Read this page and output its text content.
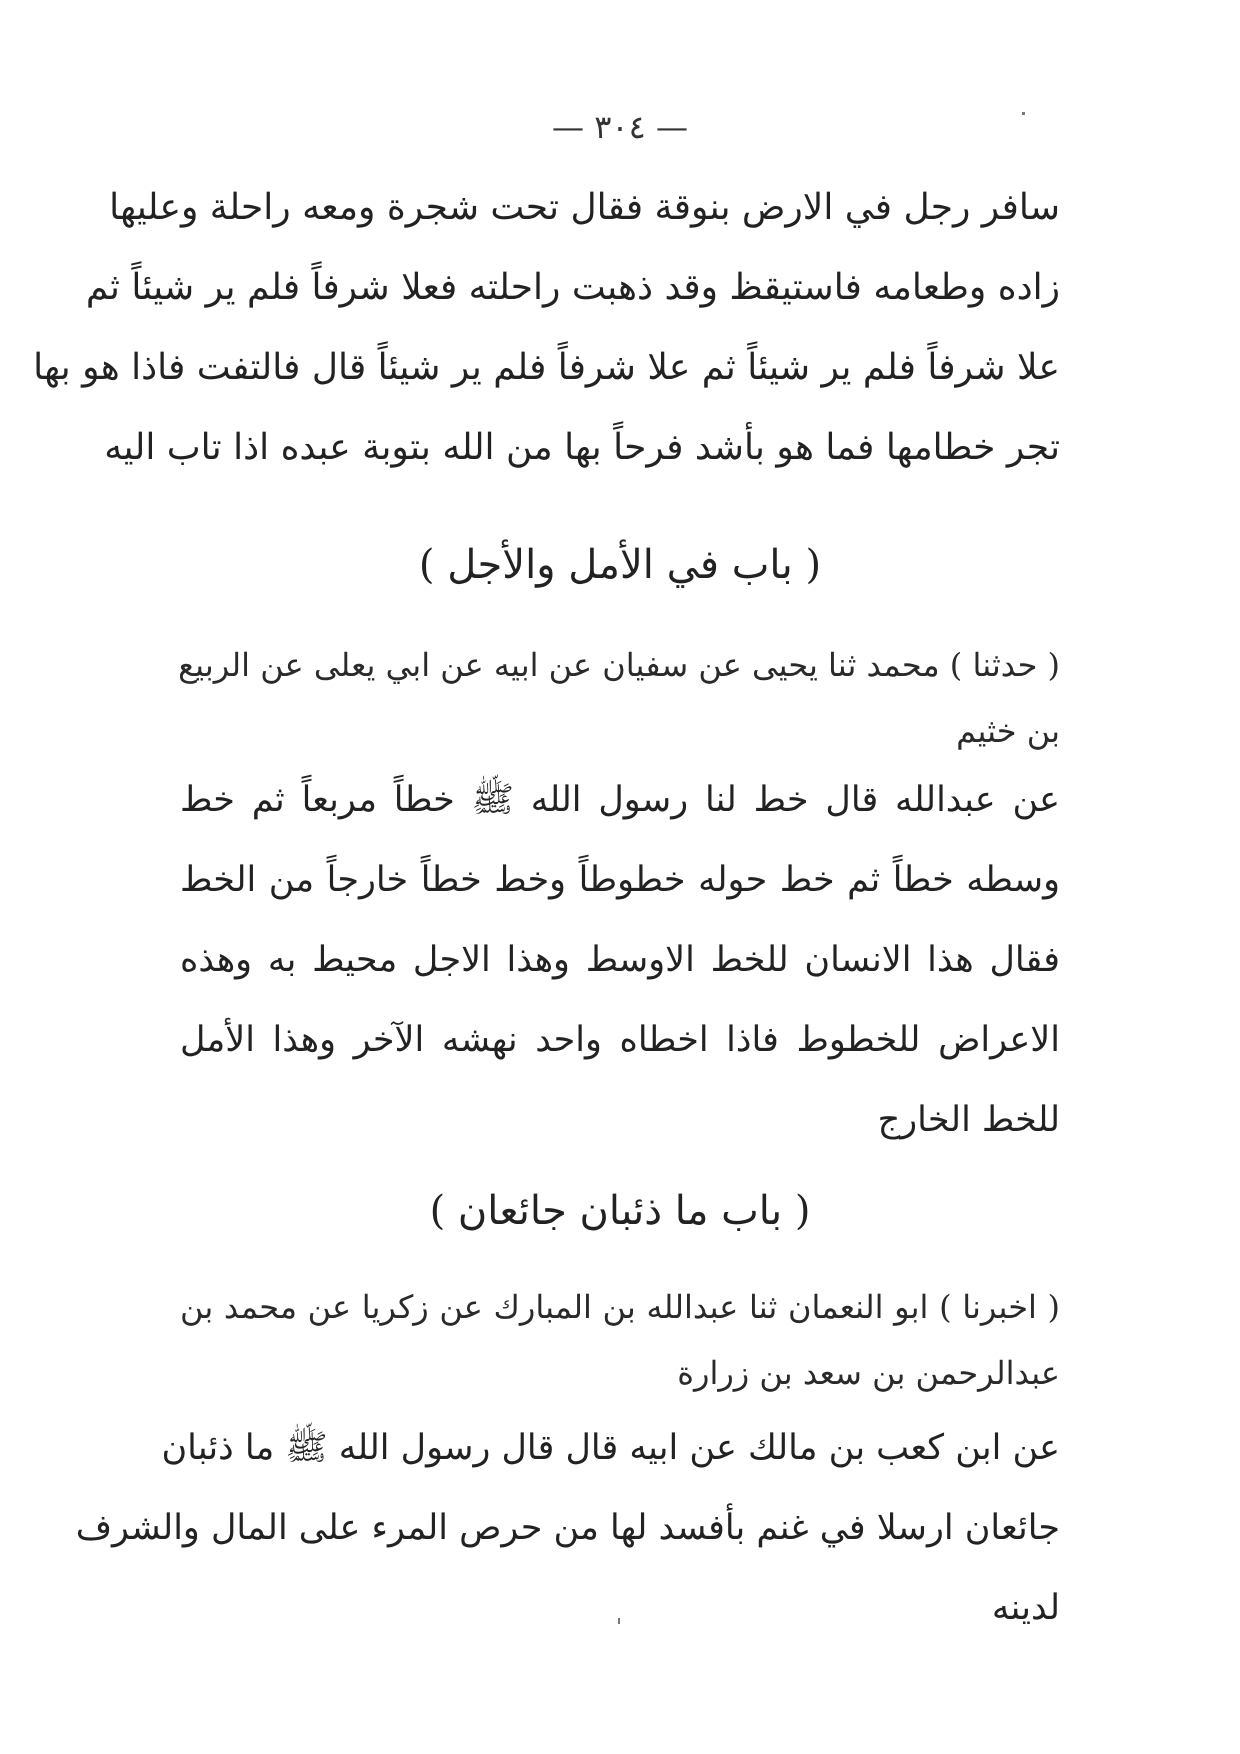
— ٣٠٤ —
سافر رجل في الارض بنوقة فقال تحت شجرة ومعه راحلة وعليها
زاده وطعامه فاستيقظ وقد ذهبت راحلته فعلا شرفاً فلم ير شيئاً ثم
علا شرفاً فلم ير شيئاً ثم علا شرفاً فلم ير شيئاً قال فالتفت فاذا هو بها
تجر خطامها فما هو بأشد فرحاً بها من الله بتوبة عبده اذا تاب اليه
( باب في الأمل والأجل )
( حدثنا ) محمد ثنا يحيى عن سفيان عن ابيه عن ابي يعلى عن الربيع
بن خثيم
عن عبدالله قال خط لنا رسول الله ﷺ خطاً مربعاً ثم خط
وسطه خطاً ثم خط حوله خطوطاً وخط خطاً خارجاً من الخط
فقال هذا الانسان للخط الاوسط وهذا الاجل محيط به وهذه
الاعراض للخطوط فاذا اخطاه واحد نهشه الآخر وهذا الأمل
للخط الخارج
( باب ما ذئبان جائعان )
( اخبرنا ) ابو النعمان ثنا عبدالله بن المبارك عن زكريا عن محمد بن
عبدالرحمن بن سعد بن زرارة
عن ابن كعب بن مالك عن ابيه قال قال رسول الله ﷺ ما ذئبان
جائعان ارسلا في غنم بأفسد لها من حرص المرء على المال والشرف
لدينه
